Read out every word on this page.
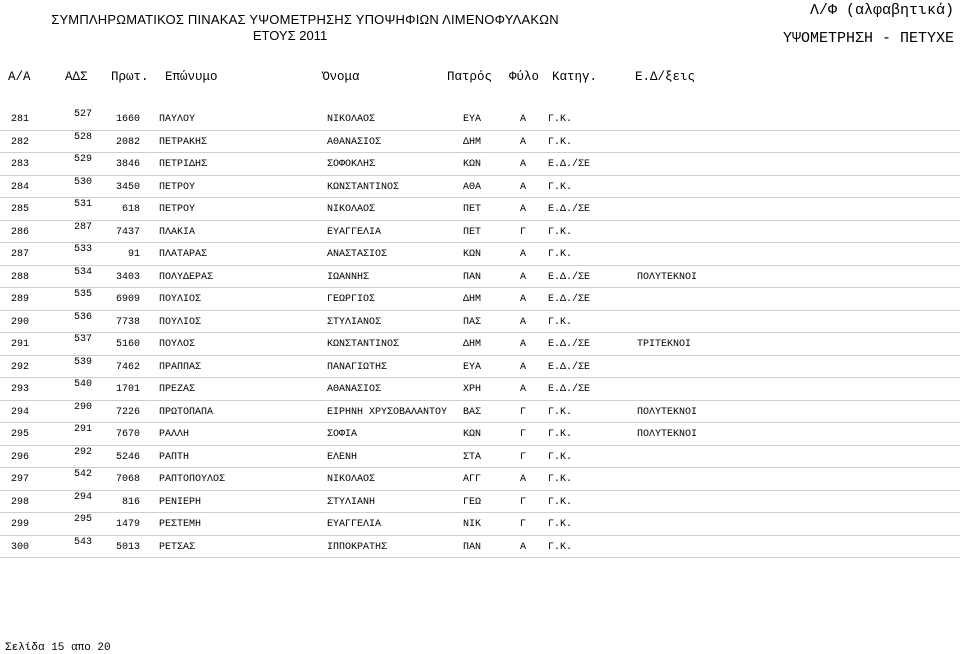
ΣΥΜΠΛΗΡΩΜΑΤΙΚΟΣ ΠΙΝΑΚΑΣ ΥΨΟΜΕΤΡΗΣΗΣ ΥΠΟΨΗΦΙΩΝ ΛΙΜΕΝΟΦΥΛΑΚΩΝ
ΕΤΟΥΣ 2011
Λ/Φ (αλφαβητικά)
ΥΨΟΜΕΤΡΗΣΗ - ΠΕΤΥΧΕ
Α/Α	ΑΔΣ Πρωτ. Επώνυμο	Όνομα	Πατρός Φύλο Κατηγ.	Ε.Δ/ξεις
281	527	1660 ΠΑΥΛΟΥ	ΝΙΚΟΛΑΟΣ	ΕΥΑ	Α Γ.Κ.
282	528	2082 ΠΕΤΡΑΚΗΣ	ΑΘΑΝΑΣΙΟΣ	ΔΗΜ	Α Γ.Κ.
283	529	3846 ΠΕΤΡΙΔΗΣ	ΣΟΦΟΚΛΗΣ	ΚΩΝ	Α Ε.Δ./ΣΕ
284	530	3450 ΠΕΤΡΟΥ	ΚΩΝΣΤΑΝΤΙΝΟΣ	ΑΘΑ	Α Γ.Κ.
285	531	618 ΠΕΤΡΟΥ	ΝΙΚΟΛΑΟΣ	ΠΕΤ	Α Ε.Δ./ΣΕ
286	287	7437 ΠΛΑΚΙΑ	ΕΥΑΓΓΕΛΙΑ	ΠΕΤ	Γ Γ.Κ.
287	533	91 ΠΛΑΤΑΡΑΣ	ΑΝΑΣΤΑΣΙΟΣ	ΚΩΝ	Α Γ.Κ.
288	534	3403 ΠΟΛΥΔΕΡΑΣ	ΙΩΑΝΝΗΣ	ΠΑΝ	Α Ε.Δ./ΣΕ	ΠΟΛΥΤΕΚΝΟΙ
289	535	6909 ΠΟΥΛΙΟΣ	ΓΕΩΡΓΙΟΣ	ΔΗΜ	Α Ε.Δ./ΣΕ
290	536	7738 ΠΟΥΛΙΟΣ	ΣΤΥΛΙΑΝΟΣ	ΠΑΣ	Α Γ.Κ.
291	537	5160 ΠΟΥΛΟΣ	ΚΩΝΣΤΑΝΤΙΝΟΣ	ΔΗΜ	Α Ε.Δ./ΣΕ	ΤΡΙΤΕΚΝΟΙ
292	539	7462 ΠΡΑΠΠΑΣ	ΠΑΝΑΓΙΩΤΗΣ	ΕΥΑ	Α Ε.Δ./ΣΕ
293	540	1701 ΠΡΕΖΑΣ	ΑΘΑΝΑΣΙΟΣ	ΧΡΗ	Α Ε.Δ./ΣΕ
294	290	7226 ΠΡΩΤΟΠΑΠΑ	ΕΙΡΗΝΗ ΧΡΥΣΟΒΑΛΑΝΤΟΥ ΒΑΣ	Γ Γ.Κ.	ΠΟΛΥΤΕΚΝΟΙ
295	291	7670 ΡΑΛΛΗ	ΣΟΦΙΑ	ΚΩΝ	Γ Γ.Κ.	ΠΟΛΥΤΕΚΝΟΙ
296	292	5246 ΡΑΠΤΗ	ΕΛΕΝΗ	ΣΤΑ	Γ Γ.Κ.
297	542	7068 ΡΑΠΤΟΠΟΥΛΟΣ	ΝΙΚΟΛΑΟΣ	ΑΓΓ	Α Γ.Κ.
298	294	816 ΡΕΝΙΕΡΗ	ΣΤΥΛΙΑΝΗ	ΓΕΩ	Γ Γ.Κ.
299	295	1479 ΡΕΣΤΕΜΗ	ΕΥΑΓΓΕΛΙΑ	ΝΙΚ	Γ Γ.Κ.
300	543	5013 ΡΕΤΣΑΣ	ΙΠΠΟΚΡΑΤΗΣ	ΠΑΝ	Α Γ.Κ.
Σελίδα 15 απο 20
